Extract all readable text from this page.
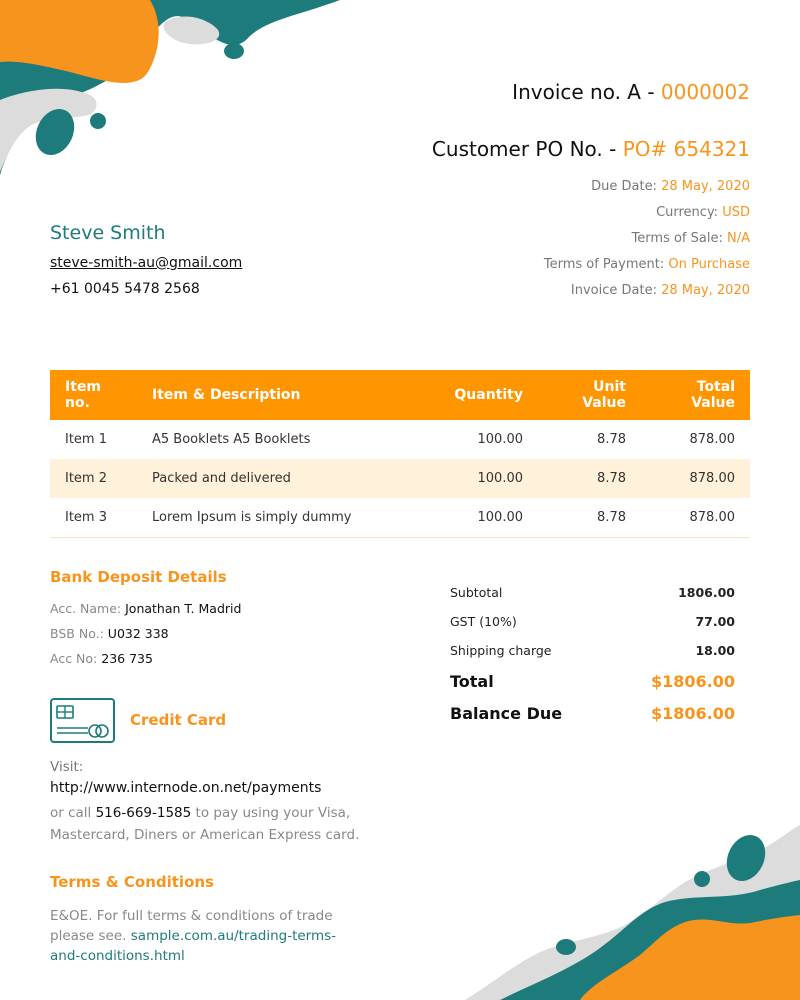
Invoice no. A - 0000002
Customer PO No. - PO# 654321
Due Date: 28 May, 2020
Currency: USD
Terms of Sale: N/A
Terms of Payment: On Purchase
Invoice Date: 28 May, 2020
Steve Smith
steve-smith-au@gmail.com
+61 0045 5478 2568
Item no.	Item & Description	Quantity	Unit Value	Total Value
Item 1	A5 Booklets A5 Booklets	100.00	8.78	878.00
Item 2	Packed and delivered	100.00	8.78	878.00
Item 3	Lorem Ipsum is simply dummy	100.00	8.78	878.00
Bank Deposit Details
Acc. Name: Jonathan T. Madrid
BSB No.: U032 338
Acc No: 236 735
Credit Card
Visit:
http://www.internode.on.net/payments
or call 516-669-1585 to pay using your Visa, Mastercard, Diners or American Express card.
Terms & Conditions
E&OE. For full terms & conditions of trade please see. sample.com.au/trading-terms-and-conditions.html
Subtotal	1806.00
GST (10%)	77.00
Shipping charge	18.00
Total	$1806.00
Balance Due	$1806.00
